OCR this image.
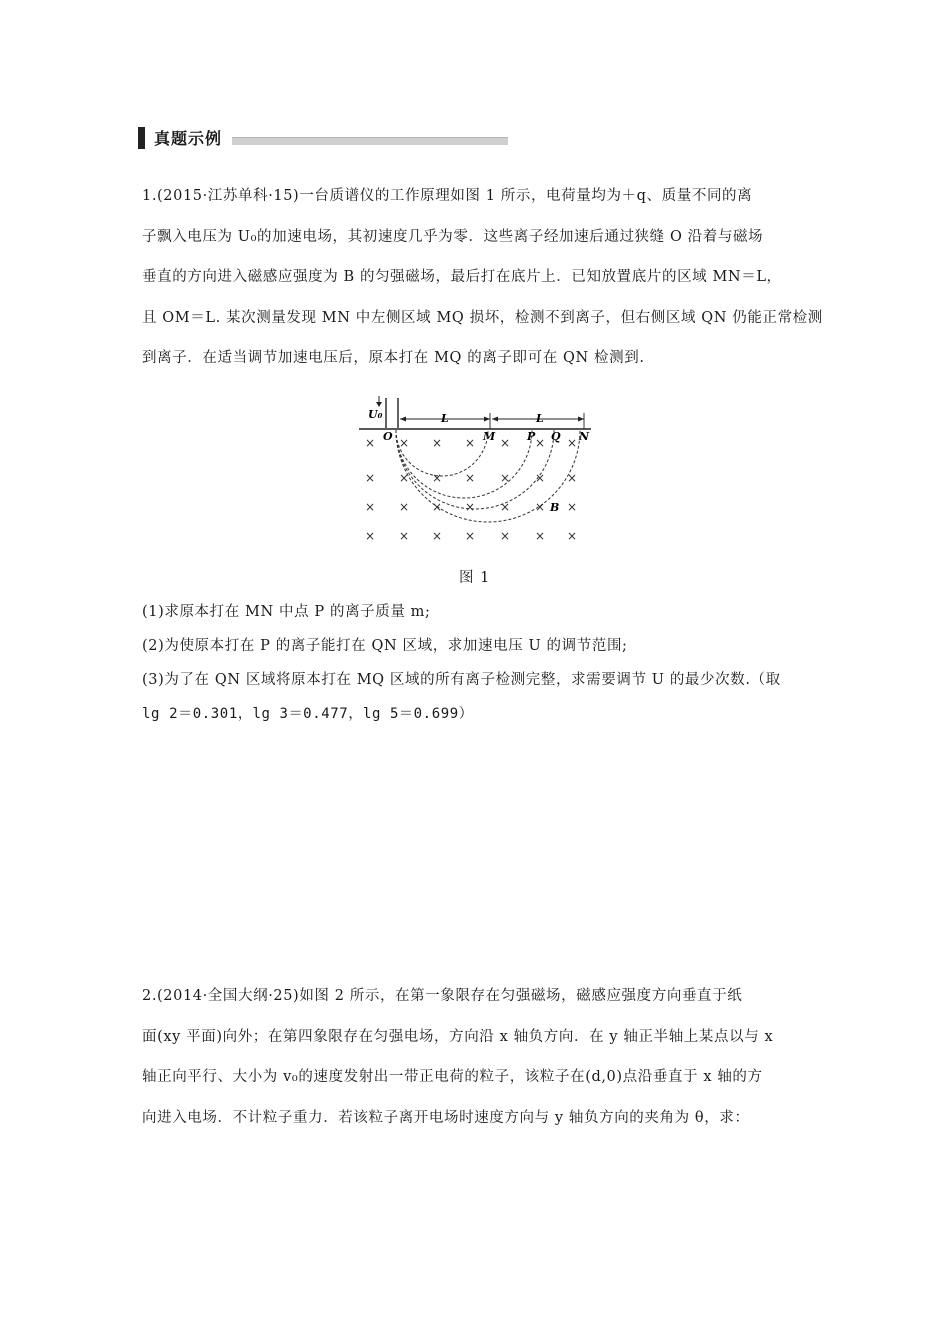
真题示例

1.(2015·江苏单科·15)一台质谱仪的工作原理如图 1 所示，电荷量均为＋q、质量不同的离
子飘入电压为 U₀的加速电场，其初速度几乎为零．这些离子经加速后通过狭缝 O 沿着与磁场
垂直的方向进入磁感应强度为 B 的匀强磁场，最后打在底片上．已知放置底片的区域 MN＝L，
且 OM＝L. 某次测量发现 MN 中左侧区域 MQ 损坏，检测不到离子，但右侧区域 QN 仍能正常检测
到离子．在适当调节加速电压后，原本打在 MQ 的离子即可在 QN 检测到.

U₀	L	L
O	M	P Q N
× × × × × × ×
× × × × × × ×
× × × × × × ×
× × × × × × ×
B
图 1

(1)求原本打在 MN 中点 P 的离子质量 m;

(2)为使原本打在 P 的离子能打在 QN 区域，求加速电压 U 的调节范围;

(3)为了在 QN 区域将原本打在 MQ 区域的所有离子检测完整，求需要调节 U 的最少次数.（取

lg 2＝0.301，lg 3＝0.477，lg 5＝0.699）

2.(2014·全国大纲·25)如图 2 所示，在第一象限存在匀强磁场，磁感应强度方向垂直于纸
面(xy 平面)向外；在第四象限存在匀强电场，方向沿 x 轴负方向．在 y 轴正半轴上某点以与 x
轴正向平行、大小为 v₀的速度发射出一带正电荷的粒子，该粒子在(d,0)点沿垂直于 x 轴的方
向进入电场．不计粒子重力．若该粒子离开电场时速度方向与 y 轴负方向的夹角为 θ，求：
